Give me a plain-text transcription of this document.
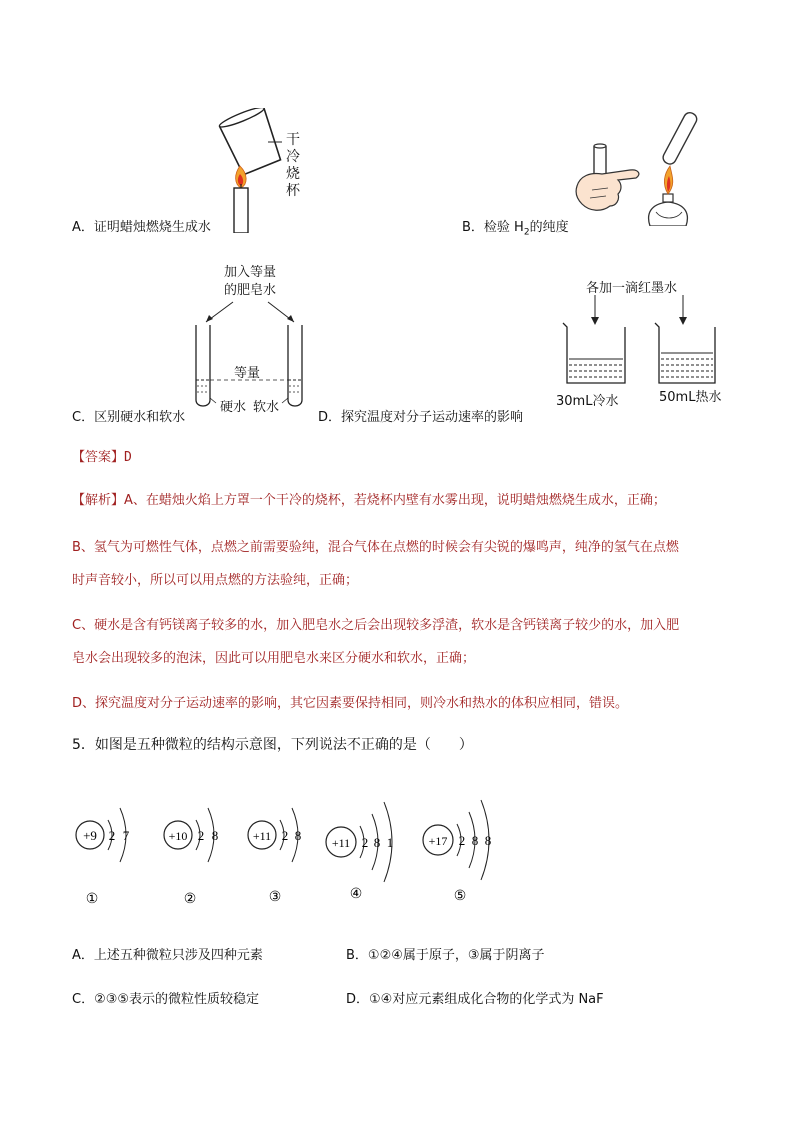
干
冷
烧
杯
A．证明蜡烛燃烧生成水	B．检验 $H_2$的纯度
加入等量
的肥皂水
等量
硬水 软水
C．区别硬水和软水	D．探究温度对分子运动速率的影响
各加一滴红墨水
30mL冷水	50mL热水
【答案】D
【解析】A、在蜡烛火焰上方罩一个干冷的烧杯，若烧杯内壁有水雾出现，说明蜡烛燃烧生成水，正确；
B、氢气为可燃性气体，点燃之前需要验纯，混合气体在点燃的时候会有尖锐的爆鸣声，纯净的氢气在点燃
时声音较小，所以可以用点燃的方法验纯，正确；
C、硬水是含有钙镁离子较多的水，加入肥皂水之后会出现较多浮渣，软水是含钙镁离子较少的水，加入肥
皂水会出现较多的泡沫，因此可以用肥皂水来区分硬水和软水，正确；
D、探究温度对分子运动速率的影响，其它因素要保持相同，则冷水和热水的体积应相同，错误。
5．如图是五种微粒的结构示意图，下列说法不正确的是（　　）
+9 2 7
①
+10 2 8
②
+11 2 8
③
+11 2 8 1
④
+17 2 8 8
⑤
A．上述五种微粒只涉及四种元素	B．①②④属于原子，③属于阴离子
C．②③⑤表示的微粒性质较稳定	D．①④对应元素组成化合物的化学式为 NaF
